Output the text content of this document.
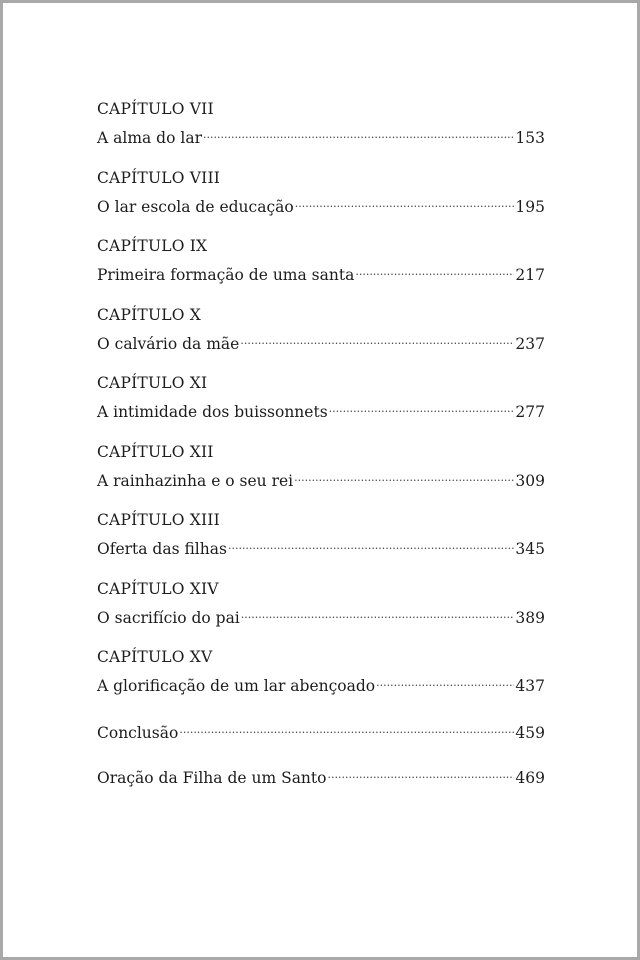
CAPÍTULO VII
A alma do lar .....	153
CAPÍTULO VIII
O lar escola de educação .....	195
CAPÍTULO IX
Primeira formação de uma santa .....	217
CAPÍTULO X
O calvário da mãe .....	237
CAPÍTULO XI
A intimidade dos buissonnets .....	277
CAPÍTULO XII
A rainhazinha e o seu rei .....	309
CAPÍTULO XIII
Oferta das filhas .....	345
CAPÍTULO XIV
O sacrifício do pai .....	389
CAPÍTULO XV
A glorificação de um lar abençoado .....	437
Conclusão .....	459
Oração da Filha de um Santo .....	469
